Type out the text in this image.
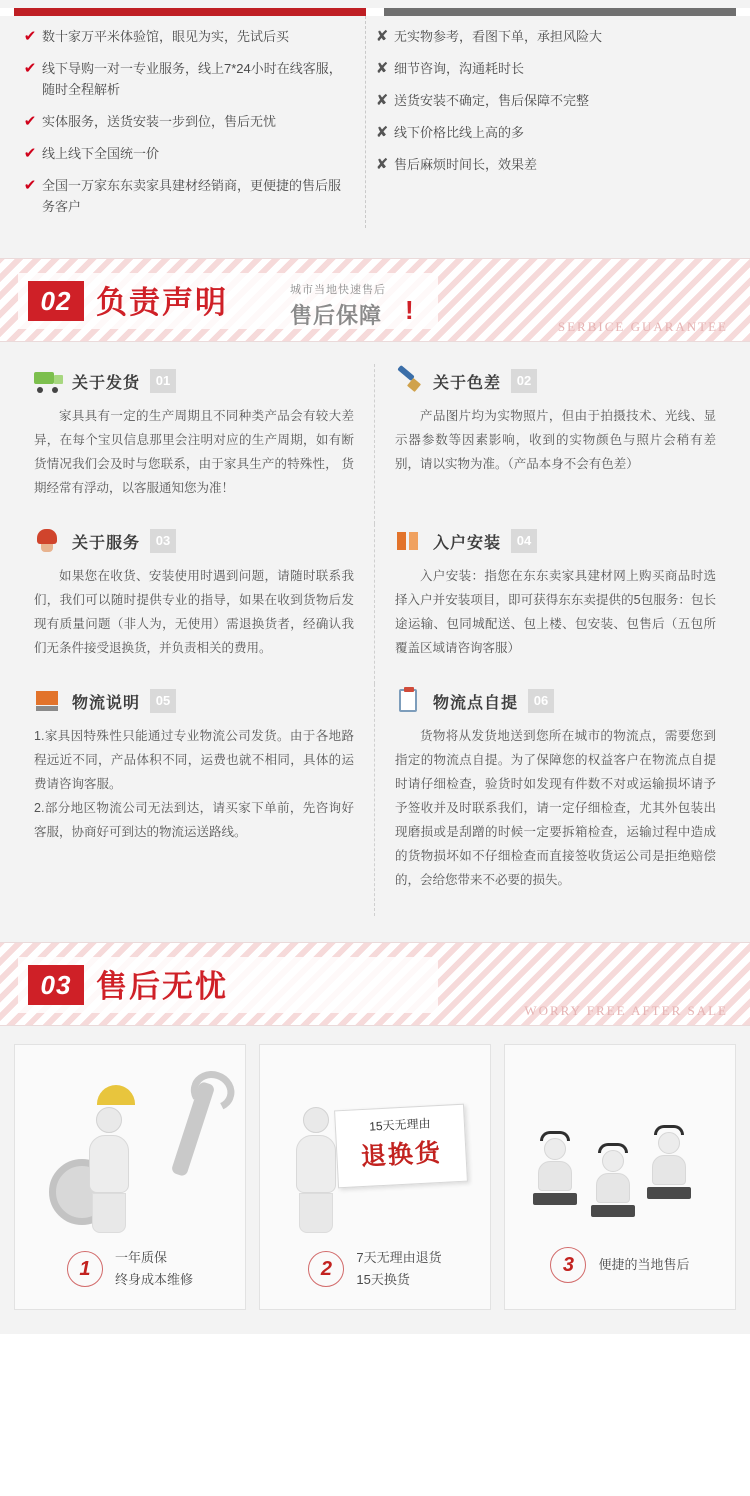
✔ 数十家万平米体验馆，眼见为实，先试后买
✔ 线下导购一对一专业服务，线上7*24小时在线客服，随时全程解析
✔ 实体服务，送货安装一步到位，售后无忧
✔ 线上线下全国统一价
✔ 全国一万家东东卖家具建材经销商，更便捷的售后服务客户
✘ 无实物参考，看图下单，承担风险大
✘ 细节咨询，沟通耗时长
✘ 送货安装不确定，售后保障不完整
✘ 线下价格比线上高的多
✘ 售后麻烦时间长，效果差
02 负责声明	城市当地快速售后
售后保障 !
SERBICE GUARANTEE
关于发货	01

家具具有一定的生产周期且不同种类产品会有较大差异，在每个宝贝信息那里会注明对应的生产周期，如有断货情况我们会及时与您联系，由于家具生产的特殊性， 货期经常有浮动，以客服通知您为准！

关于色差	02

产品图片均为实物照片，但由于拍摄技术、光线、显示器参数等因素影响，收到的实物颜色与照片会稍有差别，请以实物为准。（产品本身不会有色差）

关于服务	03

如果您在收货、安装使用时遇到问题，请随时联系我们，我们可以随时提供专业的指导，如果在收到货物后发现有质量问题（非人为，无使用）需退换货者，经确认我们无条件接受退换货，并负责相关的费用。

入户安装	04

入户安装：指您在东东卖家具建材网上购买商品时选择入户并安装项目，即可获得东东卖提供的5包服务：包长途运输、包同城配送、包上楼、包安装、包售后（五包所覆盖区域请咨询客服）

物流说明	05

1.家具因特殊性只能通过专业物流公司发货。由于各地路程远近不同，产品体积不同，运费也就不相同，具体的运费请咨询客服。

2.部分地区物流公司无法到达，请买家下单前，先咨询好客服，协商好可到达的物流运送路线。

物流点自提	06

货物将从发货地送到您所在城市的物流点，需要您到指定的物流点自提。为了保障您的权益客户在物流点自提时请仔细检查，验货时如发现有件数不对或运输损坏请予予签收并及时联系我们，请一定仔细检查，尤其外包装出现磨损或是刮蹭的时候一定要拆箱检查，运输过程中造成的货物损坏如不仔细检查而直接签收货运公司是拒绝赔偿的，会给您带来不必要的损失。

03 售后无忧
WORRY FREE AFTER SALE
1
一年质保
终身成本维修
15天无理由
退换货
2
7天无理由退货
15天换货
3	便捷的当地售后
